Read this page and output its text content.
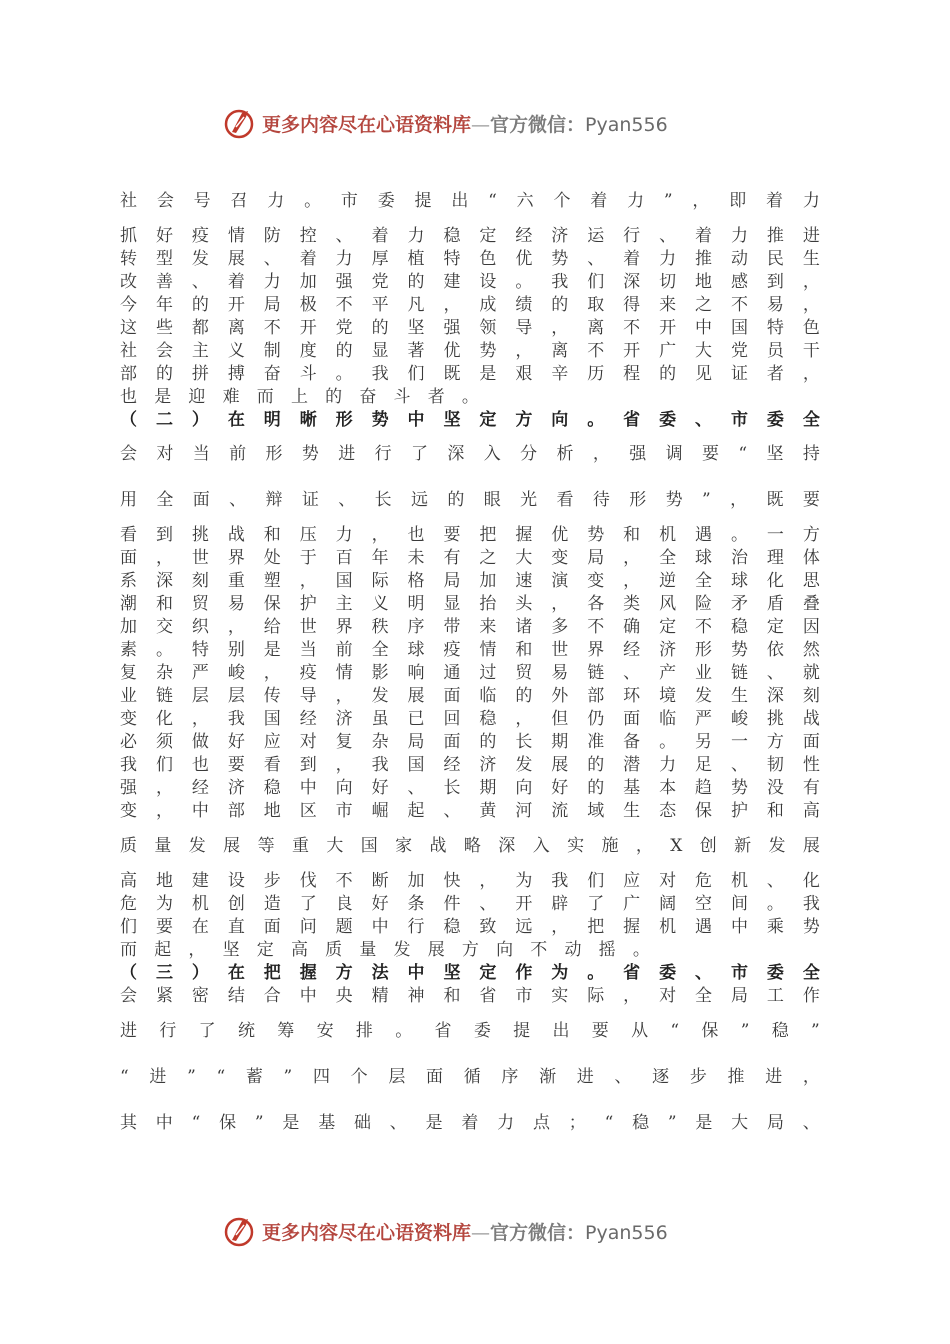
更多内容尽在心语资料库—官方微信：Pyan556
社 会 号 召 力 。 市 委 提 出 “ 六 个 着 力 ” ， 即 着 力
抓 好 疫 情 防 控 、 着 力 稳 定 经 济 运 行 、 着 力 推 进
转 型 发 展 、 着 力 厚 植 特 色 优 势 、 着 力 推 动 民 生
改 善 、 着 力 加 强 党 的 建 设 。 我 们 深 切 地 感 到 ，
今 年 的 开 局 极 不 平 凡 ， 成 绩 的 取 得 来 之 不 易 ，
这 些 都 离 不 开 党 的 坚 强 领 导 ， 离 不 开 中 国 特 色
社 会 主 义 制 度 的 显 著 优 势 ， 离 不 开 广 大 党 员 干
部 的 拼 搏 奋 斗 。 我 们 既 是 艰 辛 历 程 的 见 证 者 ，
也 是 迎 难 而 上 的 奋 斗 者 。
（ 二 ） 在 明 晰 形 势 中 坚 定 方 向 。 省 委 、 市 委 全
会 对 当 前 形 势 进 行 了 深 入 分 析 ， 强 调 要 “ 坚 持
用 全 面 、 辩 证 、 长 远 的 眼 光 看 待 形 势 ” ， 既 要
看 到 挑 战 和 压 力 ， 也 要 把 握 优 势 和 机 遇 。 一 方
面 ， 世 界 处 于 百 年 未 有 之 大 变 局 ， 全 球 治 理 体
系 深 刻 重 塑 ， 国 际 格 局 加 速 演 变 ， 逆 全 球 化 思
潮 和 贸 易 保 护 主 义 明 显 抬 头 ， 各 类 风 险 矛 盾 叠
加 交 织 ， 给 世 界 秩 序 带 来 诸 多 不 确 定 不 稳 定 因
素 。 特 别 是 当 前 全 球 疫 情 和 世 界 经 济 形 势 依 然
复 杂 严 峻 ， 疫 情 影 响 通 过 贸 易 链 、 产 业 链 、 就
业 链 层 层 传 导 ， 发 展 面 临 的 外 部 环 境 发 生 深 刻
变 化 ， 我 国 经 济 虽 已 回 稳 ， 但 仍 面 临 严 峻 挑 战
必 须 做 好 应 对 复 杂 局 面 的 长 期 准 备 。 另 一 方 面
我 们 也 要 看 到 ， 我 国 经 济 发 展 的 潜 力 足 、 韧 性
强 ， 经 济 稳 中 向 好 、 长 期 向 好 的 基 本 趋 势 没 有
变 ， 中 部 地 区 市 崛 起 、 黄 河 流 域 生 态 保 护 和 高
质 量 发 展 等 重 大 国 家 战 略 深 入 实 施 ， X 创 新 发 展
高 地 建 设 步 伐 不 断 加 快 ， 为 我 们 应 对 危 机 、 化
危 为 机 创 造 了 良 好 条 件 、 开 辟 了 广 阔 空 间 。 我
们 要 在 直 面 问 题 中 行 稳 致 远 ， 把 握 机 遇 中 乘 势
而 起 ， 坚 定 高 质 量 发 展 方 向 不 动 摇 。
（ 三 ） 在 把 握 方 法 中 坚 定 作 为 。 省 委 、 市 委 全
会 紧 密 结 合 中 央 精 神 和 省 市 实 际 ， 对 全 局 工 作
进 行 了 统 筹 安 排 。 省 委 提 出 要 从 “ 保 ” 稳 ”
“ 进 ” “ 蓄 ” 四 个 层 面 循 序 渐 进 、 逐 步 推 进 ，
其 中 “ 保 ” 是 基 础 、 是 着 力 点 ； “ 稳 ” 是 大 局 、
更多内容尽在心语资料库—官方微信：Pyan556
